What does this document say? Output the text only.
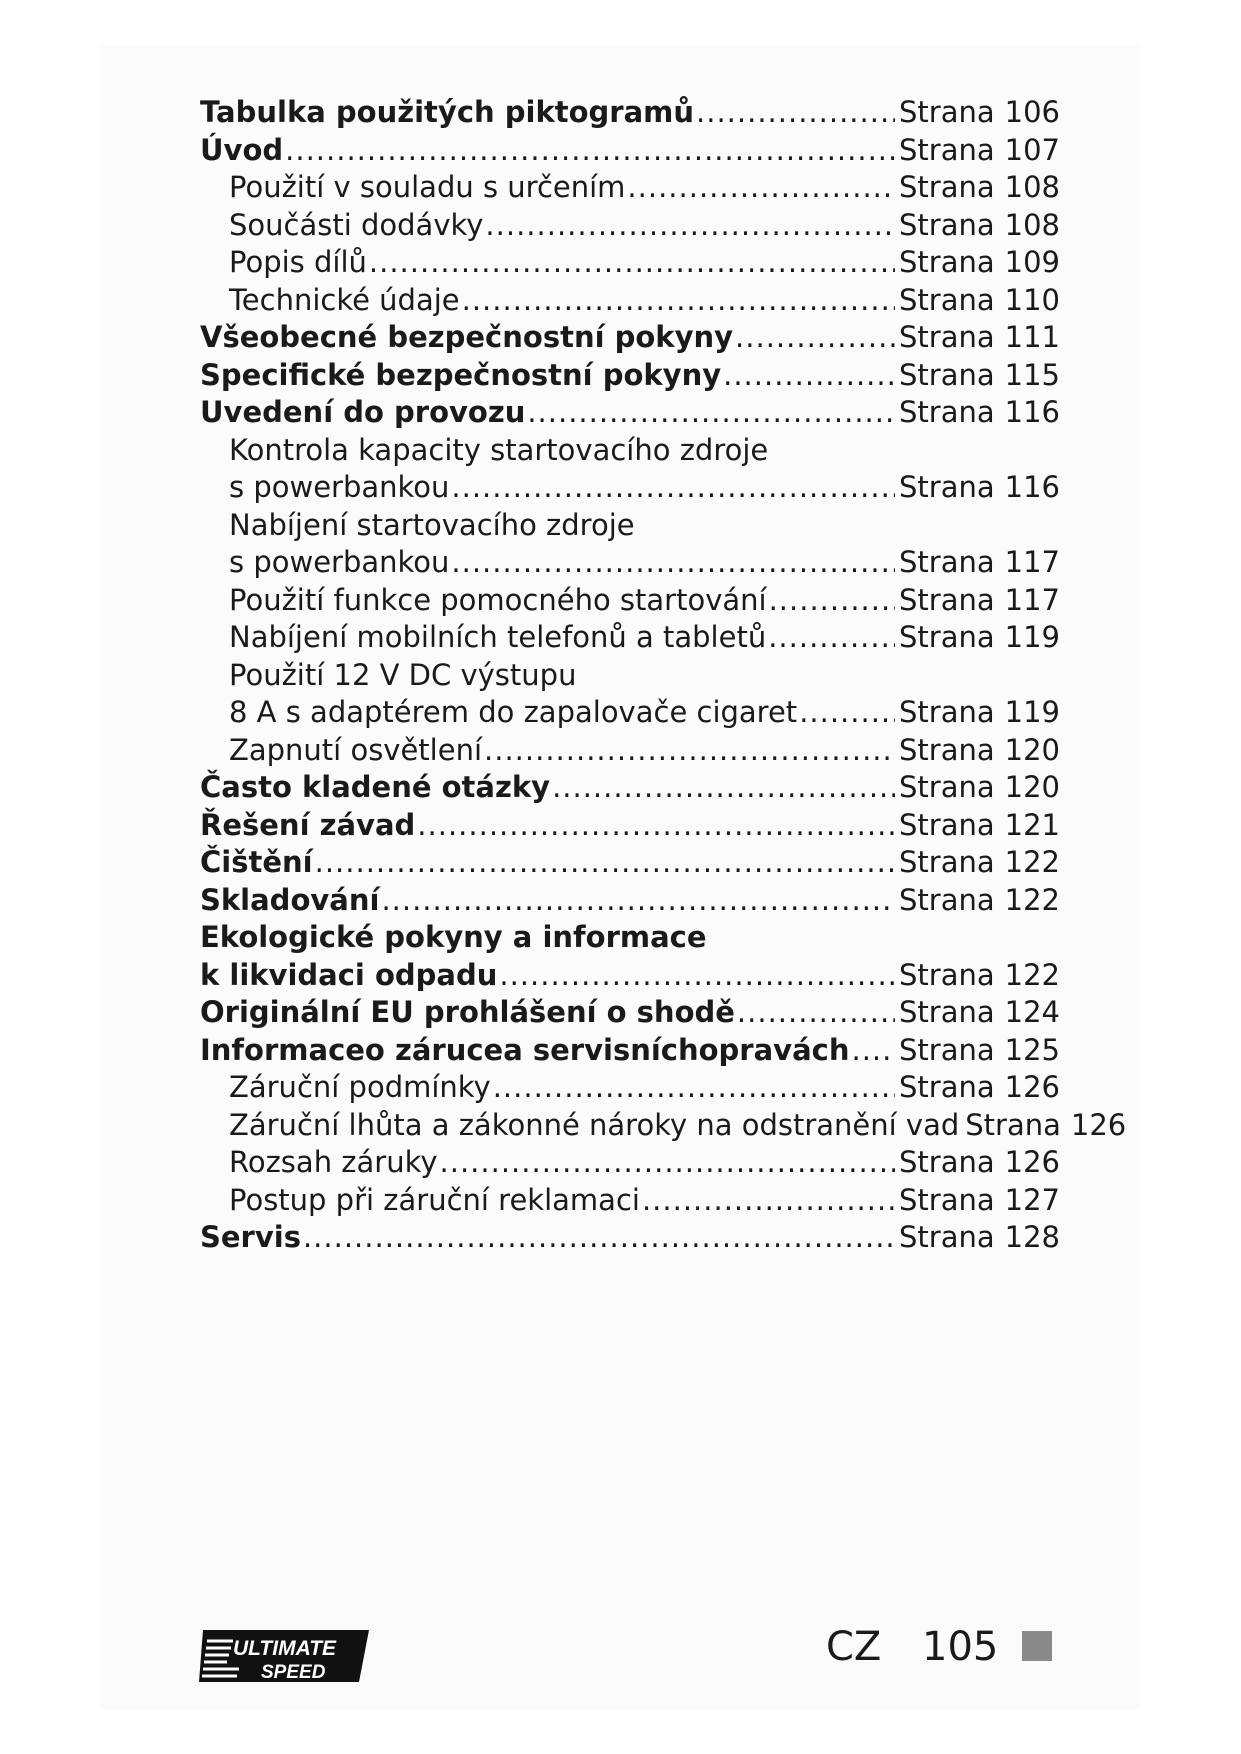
Tabulka použitých piktogramů .....	Strana 106
Úvod .....	Strana 107
Použití v souladu s určením .....	Strana 108
Součásti dodávky .....	Strana 108
Popis dílů .....	Strana 109
Technické údaje .....	Strana 110
Všeobecné bezpečnostní pokyny .....	Strana 111
Specifické bezpečnostní pokyny .....	Strana 115
Uvedení do provozu .....	Strana 116
Kontrola kapacity startovacího zdroje
s powerbankou .....	Strana 116
Nabíjení startovacího zdroje
s powerbankou .....	Strana 117
Použití funkce pomocného startování .....	Strana 117
Nabíjení mobilních telefonů a tabletů .....	Strana 119
Použití 12 V DC výstupu
8 A s adaptérem do zapalovače cigaret .....	Strana 119
Zapnutí osvětlení .....	Strana 120
Často kladené otázky .....	Strana 120
Řešení závad .....	Strana 121
Čištění .....	Strana 122
Skladování .....	Strana 122
Ekologické pokyny a informace
k likvidaci odpadu .....	Strana 122
Originální EU prohlášení o shodě .....	Strana 124
Informaceo zárucea servisníchopravách ..... Strana 125
Záruční podmínky .....	Strana 126
Záruční lhůta a zákonné nároky na odstranění vad Strana 126
Rozsah záruky .....	Strana 126
Postup při záruční reklamaci .....	Strana 127
Servis .....	Strana 128
ULTIMATE
SPEED
CZ 105
